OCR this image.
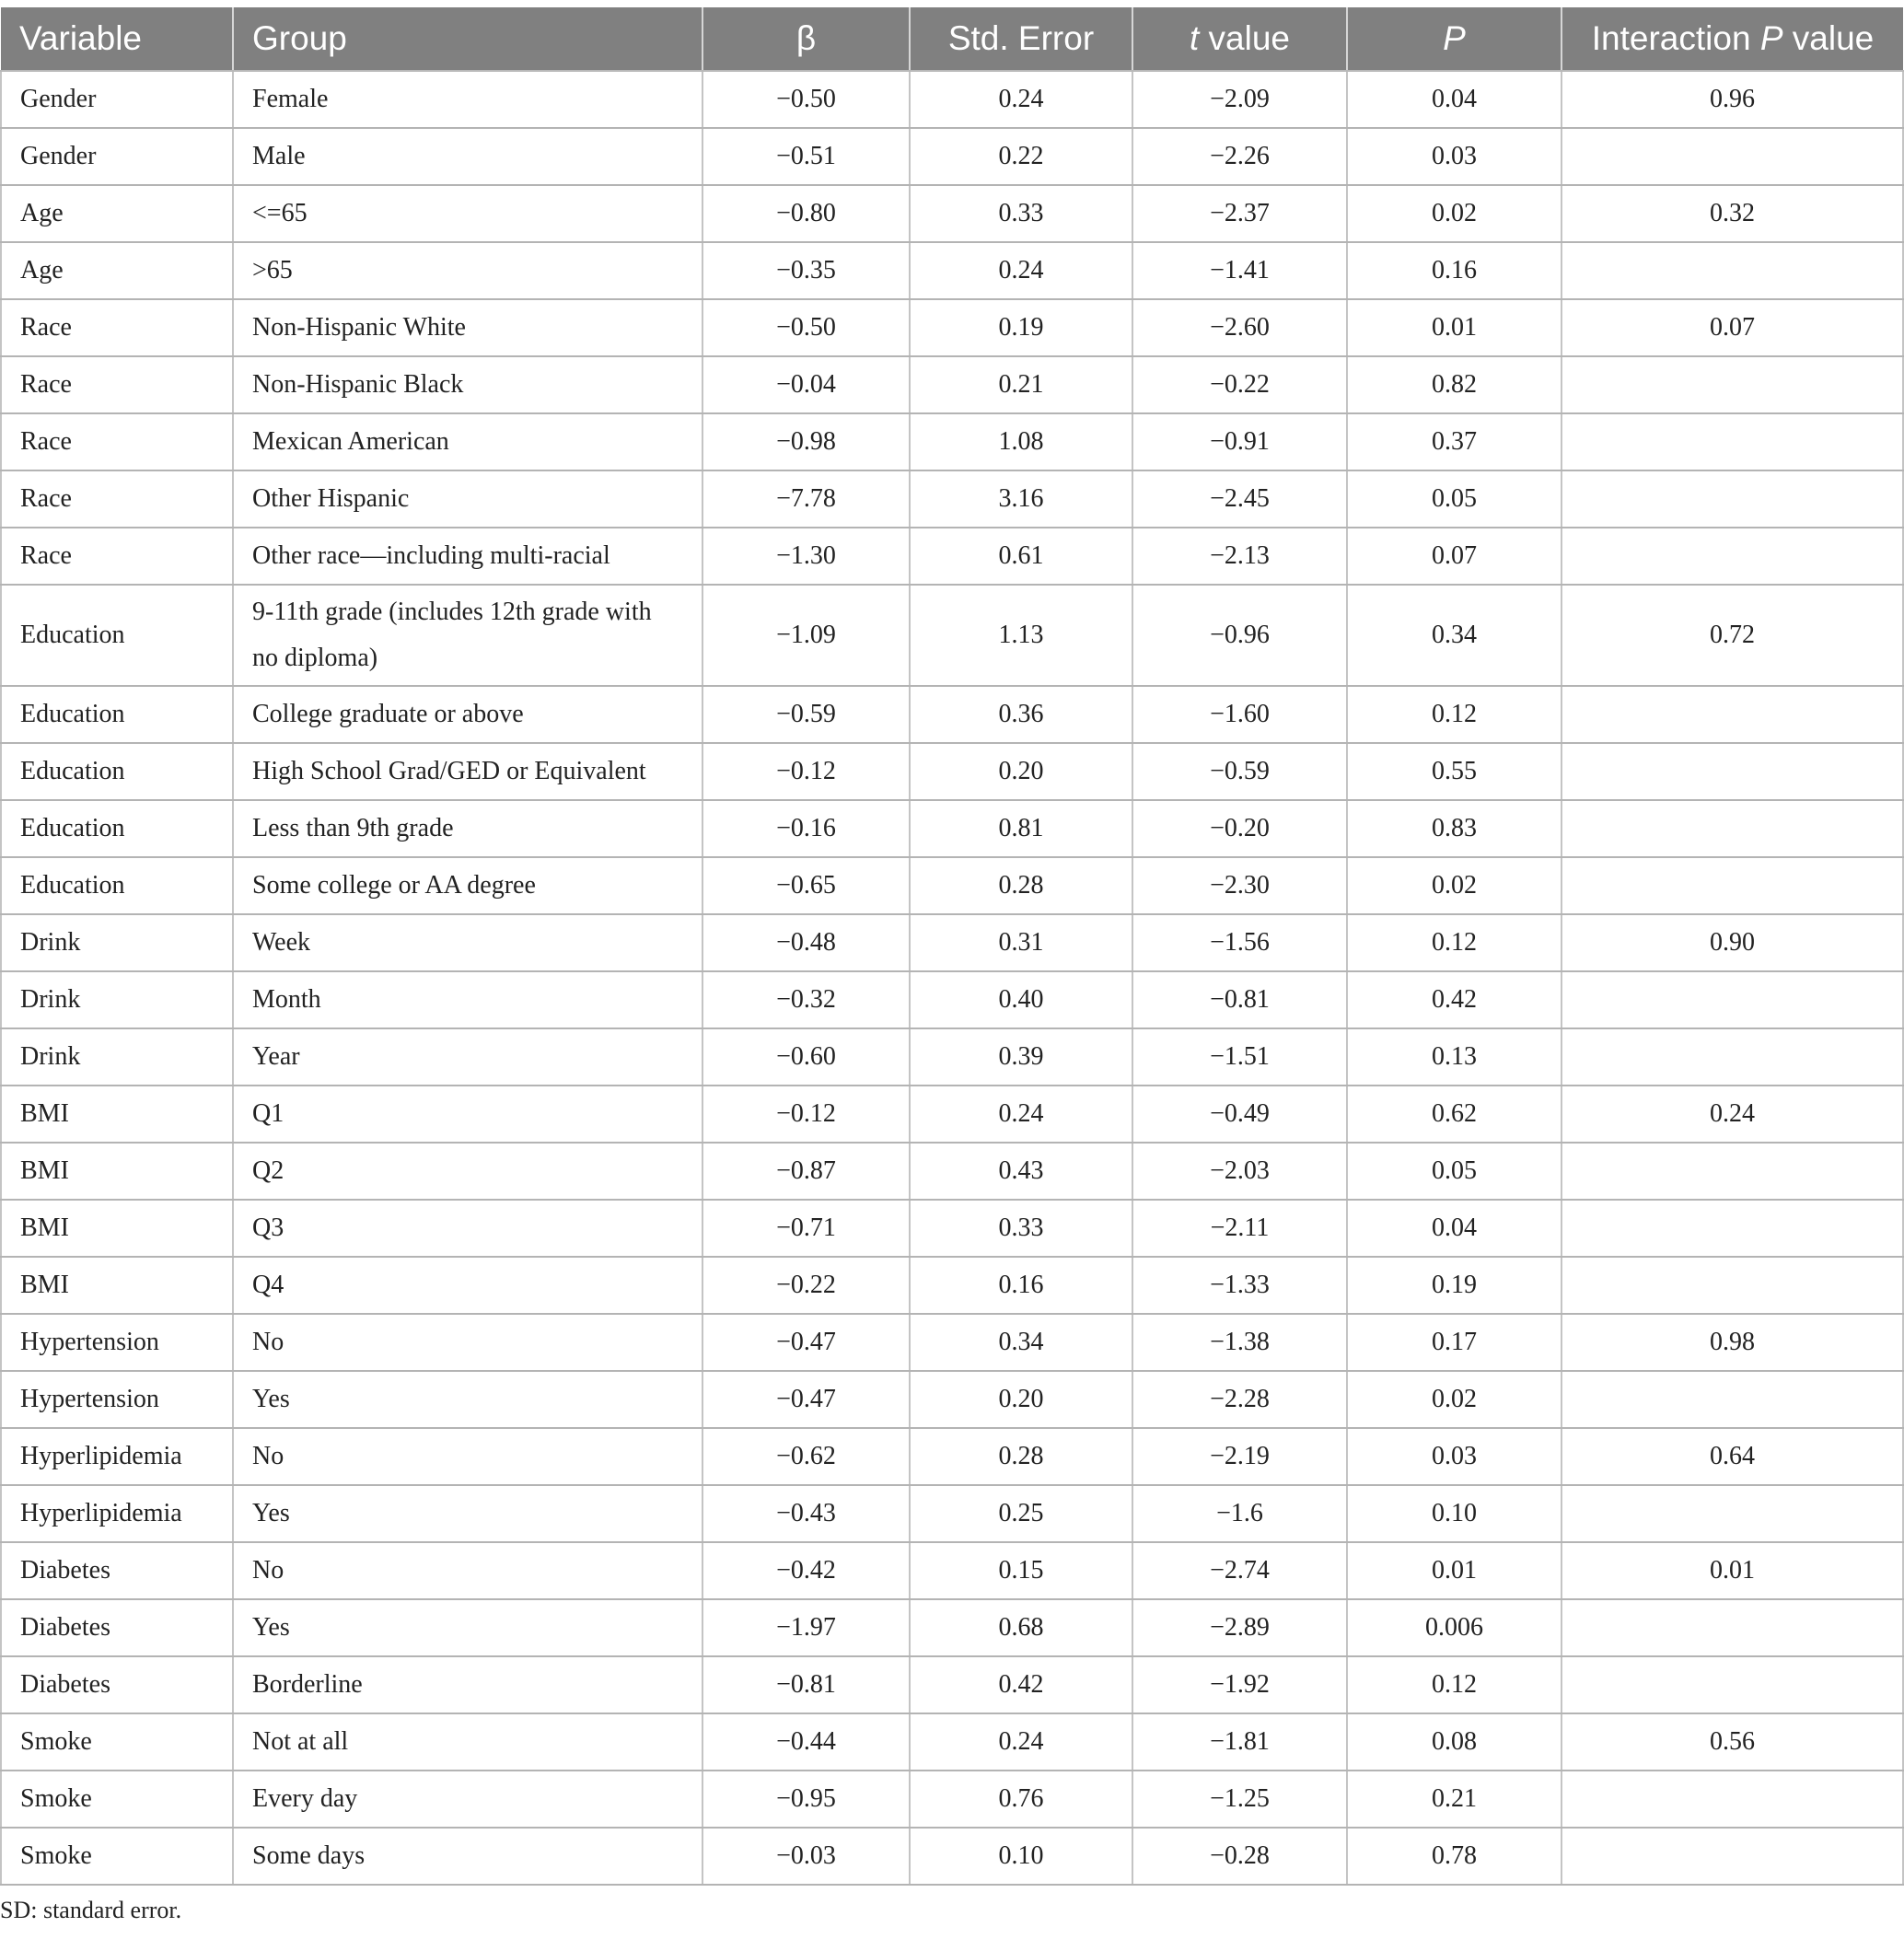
Variable	Group	β	Std. Error	t value	P	Interaction P value
Gender	Female	−0.50	0.24	−2.09	0.04	0.96
Gender	Male	−0.51	0.22	−2.26	0.03	
Age	<=65	−0.80	0.33	−2.37	0.02	0.32
Age	>65	−0.35	0.24	−1.41	0.16	
Race	Non-Hispanic White	−0.50	0.19	−2.60	0.01	0.07
Race	Non-Hispanic Black	−0.04	0.21	−0.22	0.82	
Race	Mexican American	−0.98	1.08	−0.91	0.37	
Race	Other Hispanic	−7.78	3.16	−2.45	0.05	
Race	Other race—including multi-racial	−1.30	0.61	−2.13	0.07	
Education	9-11th grade (includes 12th grade with no diploma)	−1.09	1.13	−0.96	0.34	0.72
Education	College graduate or above	−0.59	0.36	−1.60	0.12	
Education	High School Grad/GED or Equivalent	−0.12	0.20	−0.59	0.55	
Education	Less than 9th grade	−0.16	0.81	−0.20	0.83	
Education	Some college or AA degree	−0.65	0.28	−2.30	0.02	
Drink	Week	−0.48	0.31	−1.56	0.12	0.90
Drink	Month	−0.32	0.40	−0.81	0.42	
Drink	Year	−0.60	0.39	−1.51	0.13	
BMI	Q1	−0.12	0.24	−0.49	0.62	0.24
BMI	Q2	−0.87	0.43	−2.03	0.05	
BMI	Q3	−0.71	0.33	−2.11	0.04	
BMI	Q4	−0.22	0.16	−1.33	0.19	
Hypertension	No	−0.47	0.34	−1.38	0.17	0.98
Hypertension	Yes	−0.47	0.20	−2.28	0.02	
Hyperlipidemia	No	−0.62	0.28	−2.19	0.03	0.64
Hyperlipidemia	Yes	−0.43	0.25	−1.6	0.10	
Diabetes	No	−0.42	0.15	−2.74	0.01	0.01
Diabetes	Yes	−1.97	0.68	−2.89	0.006	
Diabetes	Borderline	−0.81	0.42	−1.92	0.12	
Smoke	Not at all	−0.44	0.24	−1.81	0.08	0.56
Smoke	Every day	−0.95	0.76	−1.25	0.21	
Smoke	Some days	−0.03	0.10	−0.28	0.78	
SD: standard error.
